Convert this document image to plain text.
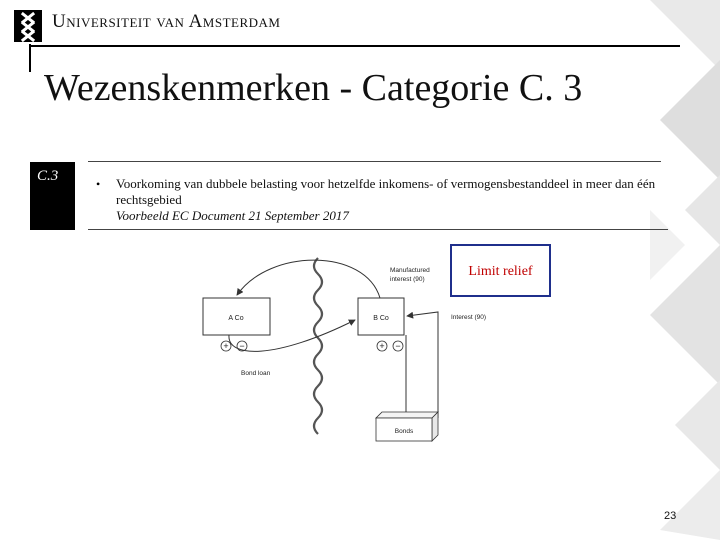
Universiteit van Amsterdam
Wezenskenmerken - Categorie C. 3
C.3	• Voorkoming van dubbele belasting voor hetzelfde inkomens- of vermogensbestanddeel in meer dan één rechtsgebied
Voorbeeld EC Document 21 September 2017
A Co	B Co
Manufactured interest (90)
Interest (90)
Bonds
+ −	+ −
Bond loan
Limit relief
23
